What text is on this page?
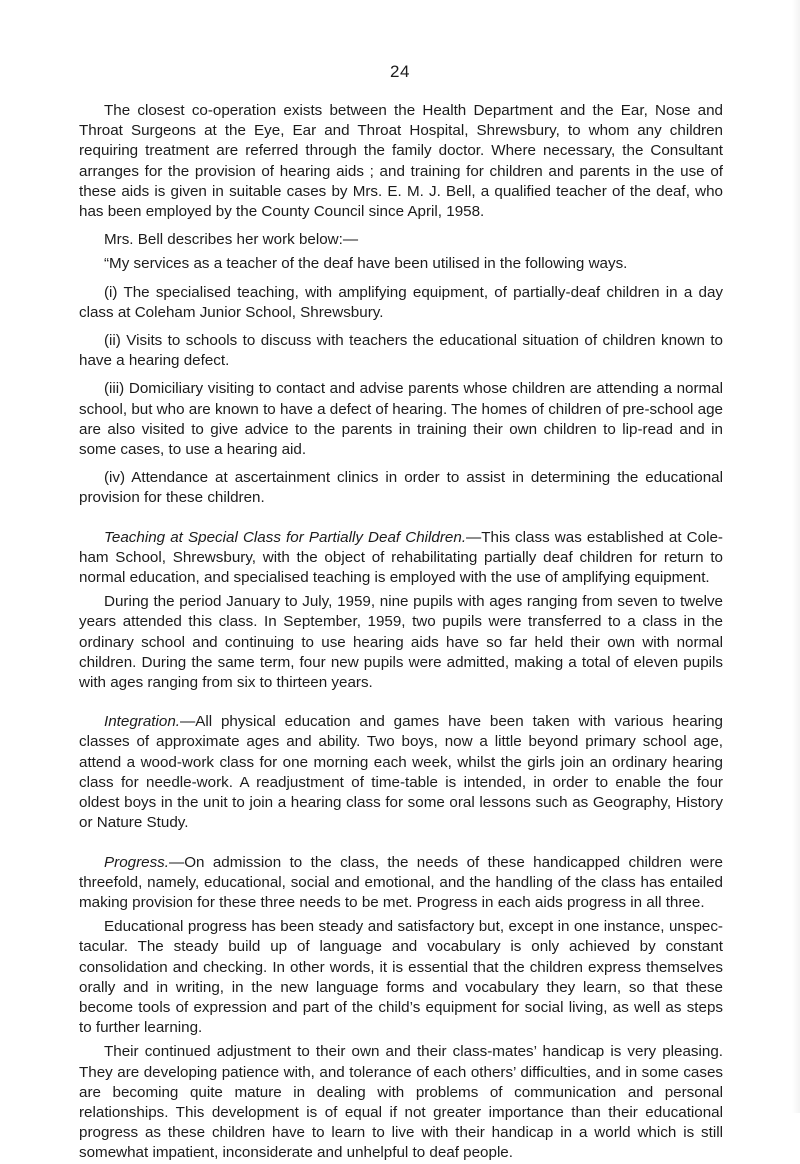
24

The closest co-operation exists between the Health Department and the Ear, Nose and Throat Surgeons at the Eye, Ear and Throat Hospital, Shrewsbury, to whom any children requiring treatment are referred through the family doctor. Where necessary, the Consultant arranges for the provision of hearing aids ; and training for children and parents in the use of these aids is given in suitable cases by Mrs. E. M. J. Bell, a qualified teacher of the deaf, who has been employed by the County Council since April, 1958.

Mrs. Bell describes her work below:—

“My services as a teacher of the deaf have been utilised in the following ways.

(i) The specialised teaching, with amplifying equipment, of partially-deaf children in a day class at Coleham Junior School, Shrewsbury.

(ii) Visits to schools to discuss with teachers the educational situation of children known to have a hearing defect.

(iii) Domiciliary visiting to contact and advise parents whose children are attending a normal school, but who are known to have a defect of hearing. The homes of children of pre-school age are also visited to give advice to the parents in training their own children to lip-read and in some cases, to use a hearing aid.

(iv) Attendance at ascertainment clinics in order to assist in determining the educational provision for these children.

Teaching at Special Class for Partially Deaf Children.—This class was established at Cole-ham School, Shrewsbury, with the object of rehabilitating partially deaf children for return to normal education, and specialised teaching is employed with the use of amplifying equipment.

During the period January to July, 1959, nine pupils with ages ranging from seven to twelve years attended this class. In September, 1959, two pupils were transferred to a class in the ordinary school and continuing to use hearing aids have so far held their own with normal children. During the same term, four new pupils were admitted, making a total of eleven pupils with ages ranging from six to thirteen years.

Integration.—All physical education and games have been taken with various hearing classes of approximate ages and ability. Two boys, now a little beyond primary school age, attend a wood-work class for one morning each week, whilst the girls join an ordinary hearing class for needle-work. A readjustment of time-table is intended, in order to enable the four oldest boys in the unit to join a hearing class for some oral lessons such as Geography, History or Nature Study.

Progress.—On admission to the class, the needs of these handicapped children were threefold, namely, educational, social and emotional, and the handling of the class has entailed making provision for these three needs to be met. Progress in each aids progress in all three.

Educational progress has been steady and satisfactory but, except in one instance, unspec-tacular. The steady build up of language and vocabulary is only achieved by constant consolidation and checking. In other words, it is essential that the children express themselves orally and in writing, in the new language forms and vocabulary they learn, so that these become tools of expression and part of the child’s equipment for social living, as well as steps to further learning.

Their continued adjustment to their own and their class-mates’ handicap is very pleasing. They are developing patience with, and tolerance of each others’ difficulties, and in some cases are becoming quite mature in dealing with problems of communication and personal relationships. This development is of equal if not greater importance than their educational progress as these children have to learn to live with their handicap in a world which is still somewhat impatient, inconsiderate and unhelpful to deaf people.
